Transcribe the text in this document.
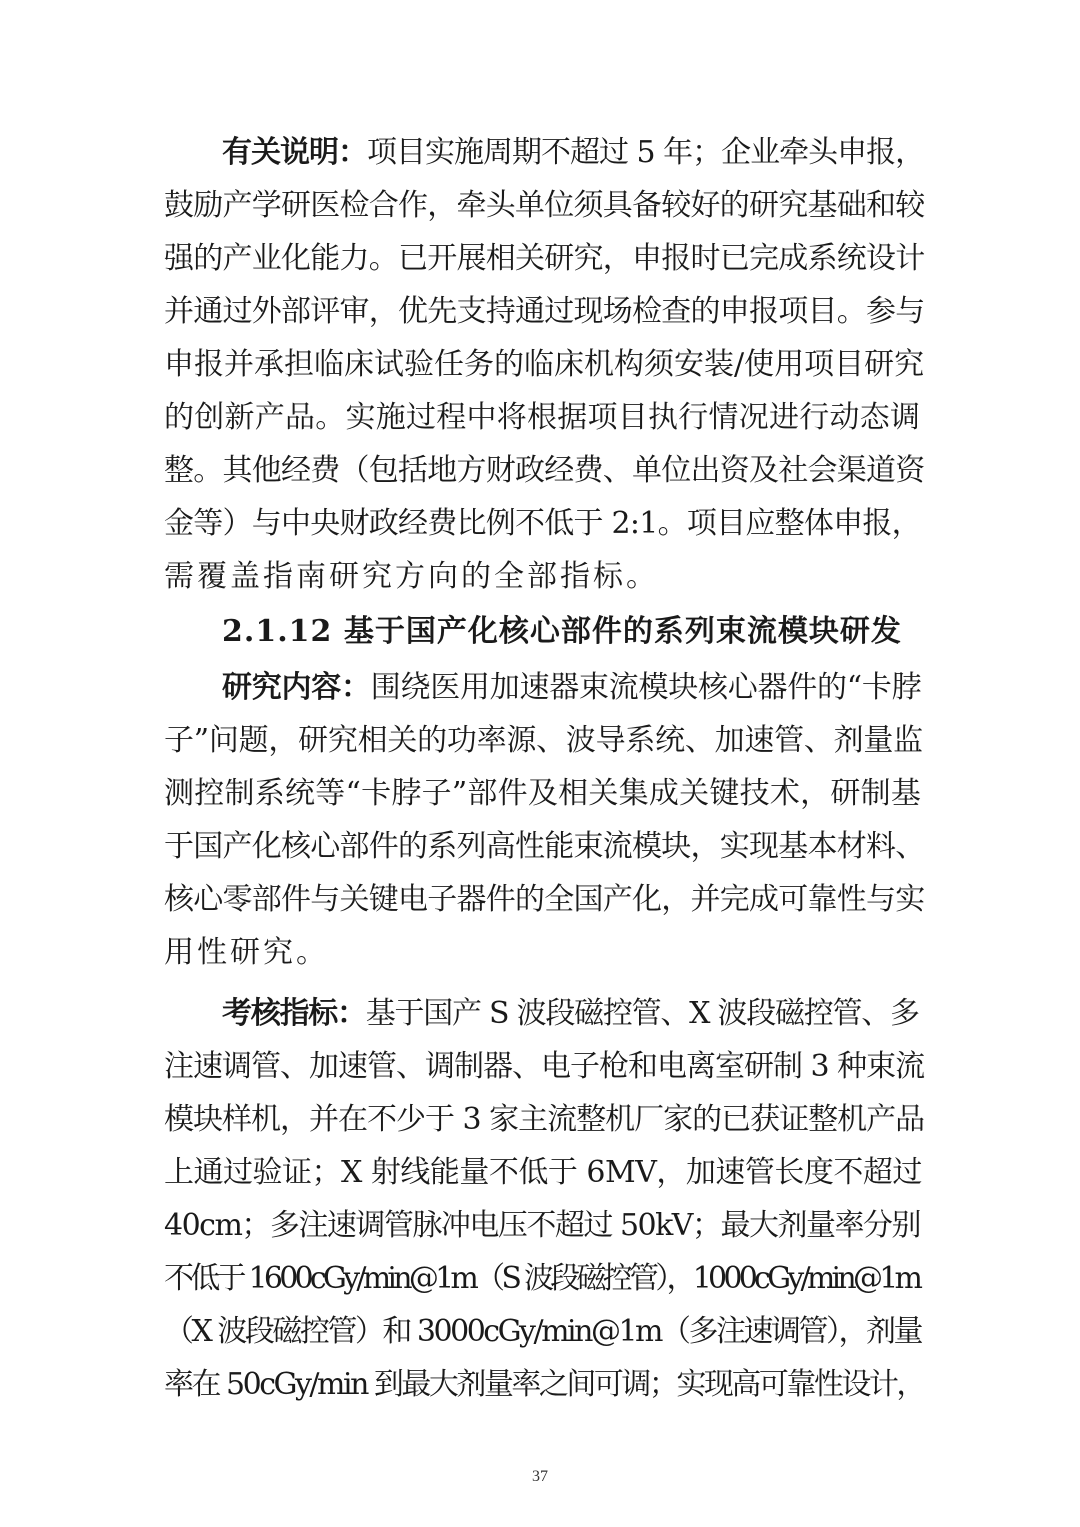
有关说明：项目实施周期不超过 5 年；企业牵头申报，
鼓励产学研医检合作，牵头单位须具备较好的研究基础和较
强的产业化能力。已开展相关研究，申报时已完成系统设计
并通过外部评审，优先支持通过现场检查的申报项目。参与
申报并承担临床试验任务的临床机构须安装/使用项目研究
的创新产品。实施过程中将根据项目执行情况进行动态调
整。其他经费（包括地方财政经费、单位出资及社会渠道资
金等）与中央财政经费比例不低于 2:1。项目应整体申报，
需覆盖指南研究方向的全部指标。
2.1.12 基于国产化核心部件的系列束流模块研发
研究内容：围绕医用加速器束流模块核心器件的“卡脖
子”问题，研究相关的功率源、波导系统、加速管、剂量监
测控制系统等“卡脖子”部件及相关集成关键技术，研制基
于国产化核心部件的系列高性能束流模块，实现基本材料、
核心零部件与关键电子器件的全国产化，并完成可靠性与实
用性研究。
考核指标：基于国产 S 波段磁控管、X 波段磁控管、多
注速调管、加速管、调制器、电子枪和电离室研制 3 种束流
模块样机，并在不少于 3 家主流整机厂家的已获证整机产品
上通过验证；X 射线能量不低于 6MV，加速管长度不超过
40cm；多注速调管脉冲电压不超过 50kV；最大剂量率分别
不低于 1600cGy/min@1m（S 波段磁控管），1000cGy/min@1m
（X 波段磁控管）和 3000cGy/min@1m（多注速调管），剂量
率在 50cGy/min 到最大剂量率之间可调；实现高可靠性设计，
37
